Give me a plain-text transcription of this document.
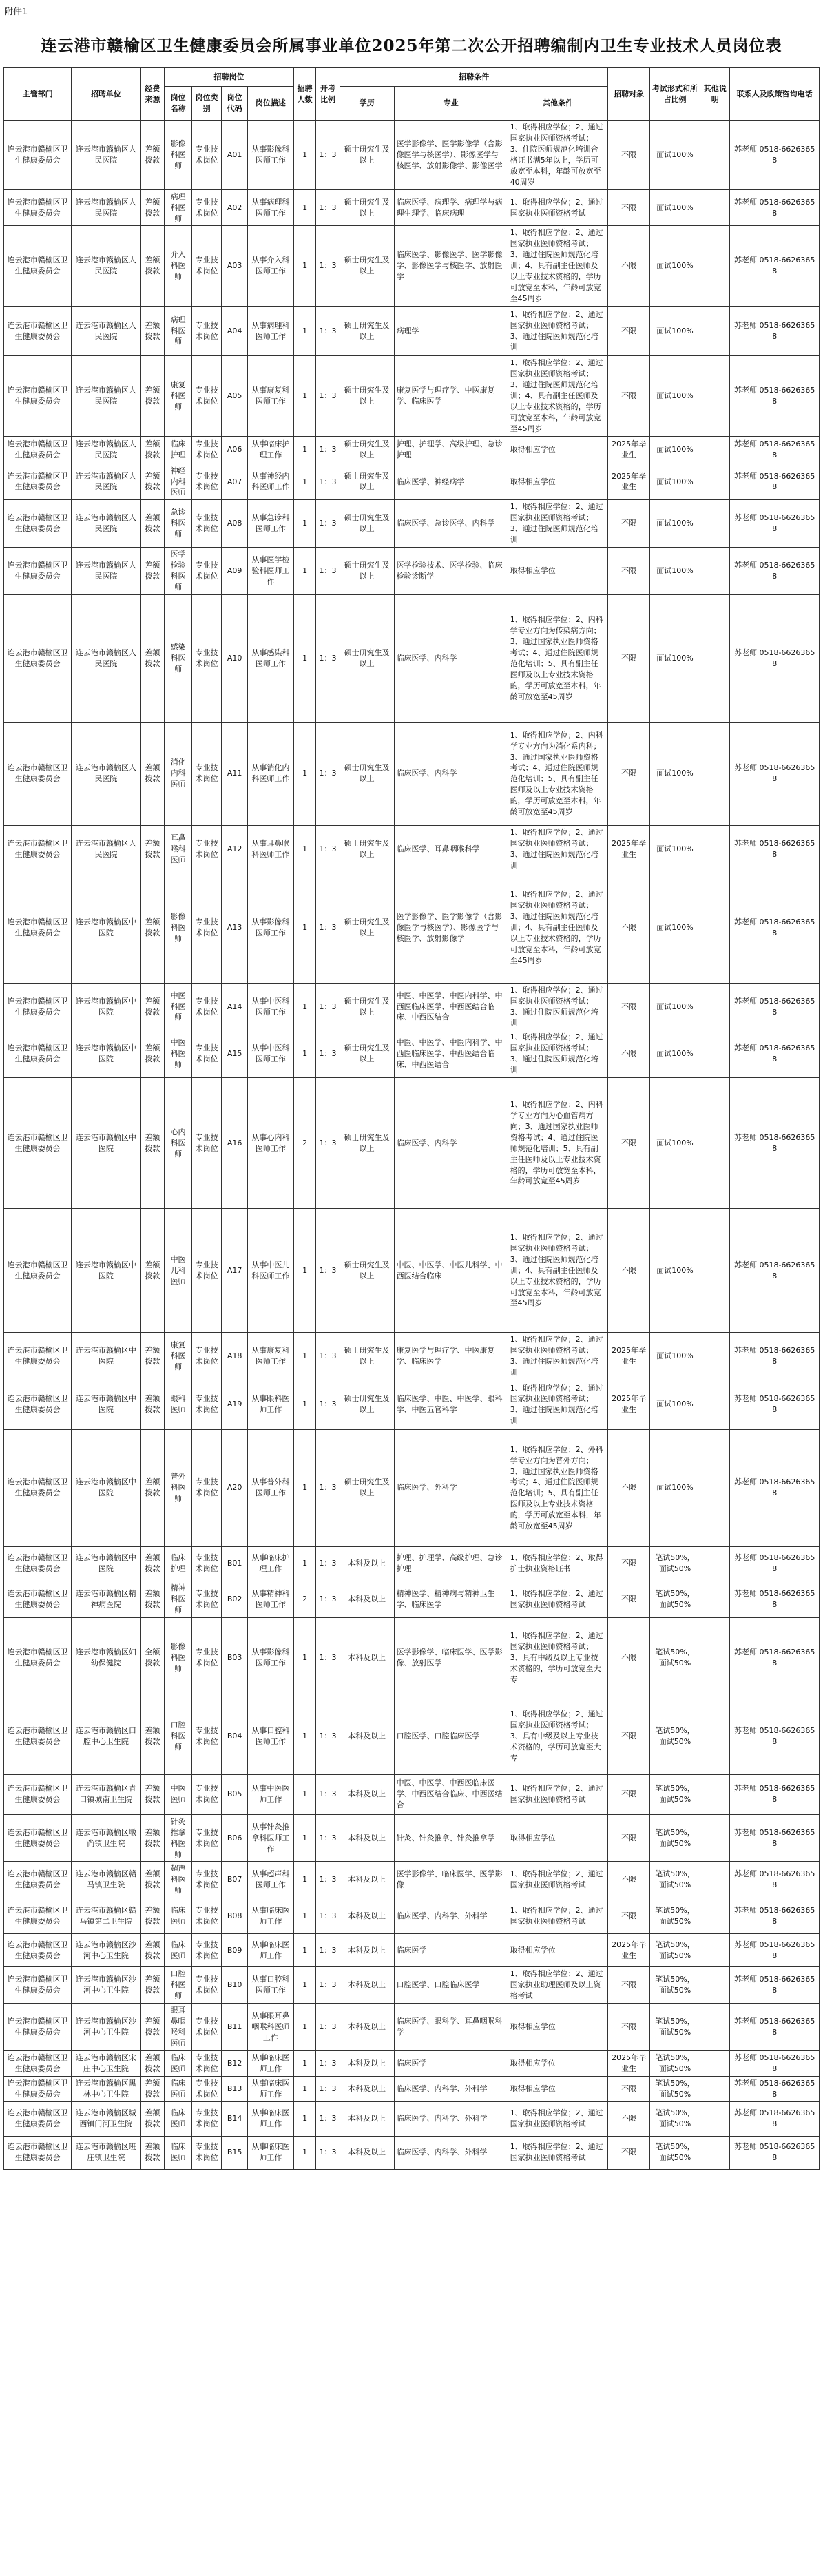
附件1
连云港市赣榆区卫生健康委员会所属事业单位2025年第二次公开招聘编制内卫生专业技术人员岗位表
主管部门	招聘单位	经费来源	招聘岗位				招聘人数	开考比例	招聘条件			招聘对象	考试形式和所占比例	其他说明	联系人及政策咨询电话
			岗位名称	岗位类别	岗位代码	岗位描述			学历	专业	其他条件				
连云港市赣榆区卫生健康委员会	连云港市赣榆区人民医院	差额拨款	影像科医师	专业技术岗位	A01	从事影像科医师工作	1	1：3	硕士研究生及以上	医学影像学、医学影像学（含影像医学与核医学）、影像医学与核医学、放射影像学、影像医学	1、取得相应学位；2、通过国家执业医师资格考试；3、住院医师规范化培训合格证书满5年以上，学历可放宽至本科，年龄可放宽至40周岁	不限	面试100%		苏老师 0518-66263658
连云港市赣榆区卫生健康委员会	连云港市赣榆区人民医院	差额拨款	病理科医师	专业技术岗位	A02	从事病理科医师工作	1	1：3	硕士研究生及以上	临床医学、病理学、病理学与病理生理学、临床病理	1、取得相应学位；2、通过国家执业医师资格考试	不限	面试100%		苏老师 0518-66263658
连云港市赣榆区卫生健康委员会	连云港市赣榆区人民医院	差额拨款	介入科医师	专业技术岗位	A03	从事介入科医师工作	1	1：3	硕士研究生及以上	临床医学、影像医学、医学影像学、影像医学与核医学、放射医学	1、取得相应学位；2、通过国家执业医师资格考试；3、通过住院医师规范化培训；4、具有副主任医师及以上专业技术资格的，学历可放宽至本科，年龄可放宽至45周岁	不限	面试100%		苏老师 0518-66263658
连云港市赣榆区卫生健康委员会	连云港市赣榆区人民医院	差额拨款	病理科医师	专业技术岗位	A04	从事病理科医师工作	1	1：3	硕士研究生及以上	病理学	1、取得相应学位；2、通过国家执业医师资格考试；3、通过住院医师规范化培训	不限	面试100%		苏老师 0518-66263658
连云港市赣榆区卫生健康委员会	连云港市赣榆区人民医院	差额拨款	康复科医师	专业技术岗位	A05	从事康复科医师工作	1	1：3	硕士研究生及以上	康复医学与理疗学、中医康复学、临床医学	1、取得相应学位；2、通过国家执业医师资格考试；3、通过住院医师规范化培训；4、具有副主任医师及以上专业技术资格的，学历可放宽至本科，年龄可放宽至45周岁	不限	面试100%		苏老师 0518-66263658
连云港市赣榆区卫生健康委员会	连云港市赣榆区人民医院	差额拨款	临床护理	专业技术岗位	A06	从事临床护理工作	1	1：3	硕士研究生及以上	护理、护理学、高级护理、急诊护理	取得相应学位	2025年毕业生	面试100%		苏老师 0518-66263658
连云港市赣榆区卫生健康委员会	连云港市赣榆区人民医院	差额拨款	神经内科医师	专业技术岗位	A07	从事神经内科医师工作	1	1：3	硕士研究生及以上	临床医学、神经病学	取得相应学位	2025年毕业生	面试100%		苏老师 0518-66263658
连云港市赣榆区卫生健康委员会	连云港市赣榆区人民医院	差额拨款	急诊科医师	专业技术岗位	A08	从事急诊科医师工作	1	1：3	硕士研究生及以上	临床医学、急诊医学、内科学	1、取得相应学位；2、通过国家执业医师资格考试；3、通过住院医师规范化培训	不限	面试100%		苏老师 0518-66263658
连云港市赣榆区卫生健康委员会	连云港市赣榆区人民医院	差额拨款	医学检验科医师	专业技术岗位	A09	从事医学检验科医师工作	1	1：3	硕士研究生及以上	医学检验技术、医学检验、临床检验诊断学	取得相应学位	不限	面试100%		苏老师 0518-66263658
连云港市赣榆区卫生健康委员会	连云港市赣榆区人民医院	差额拨款	感染科医师	专业技术岗位	A10	从事感染科医师工作	1	1：3	硕士研究生及以上	临床医学、内科学	1、取得相应学位；2、内科学专业方向为传染病方向；3、通过国家执业医师资格考试；4、通过住院医师规范化培训；5、具有副主任医师及以上专业技术资格的，学历可放宽至本科，年龄可放宽至45周岁	不限	面试100%		苏老师 0518-66263658
连云港市赣榆区卫生健康委员会	连云港市赣榆区人民医院	差额拨款	消化内科医师	专业技术岗位	A11	从事消化内科医师工作	1	1：3	硕士研究生及以上	临床医学、内科学	1、取得相应学位；2、内科学专业方向为消化系内科；3、通过国家执业医师资格考试；4、通过住院医师规范化培训；5、具有副主任医师及以上专业技术资格的，学历可放宽至本科，年龄可放宽至45周岁	不限	面试100%		苏老师 0518-66263658
连云港市赣榆区卫生健康委员会	连云港市赣榆区人民医院	差额拨款	耳鼻喉科医师	专业技术岗位	A12	从事耳鼻喉科医师工作	1	1：3	硕士研究生及以上	临床医学、耳鼻咽喉科学	1、取得相应学位；2、通过国家执业医师资格考试；3、通过住院医师规范化培训	2025年毕业生	面试100%		苏老师 0518-66263658
连云港市赣榆区卫生健康委员会	连云港市赣榆区中医院	差额拨款	影像科医师	专业技术岗位	A13	从事影像科医师工作	1	1：3	硕士研究生及以上	医学影像学、医学影像学（含影像医学与核医学）、影像医学与核医学、放射影像学	1、取得相应学位；2、通过国家执业医师资格考试；3、通过住院医师规范化培训；4、具有副主任医师及以上专业技术资格的，学历可放宽至本科，年龄可放宽至45周岁	不限	面试100%		苏老师 0518-66263658
连云港市赣榆区卫生健康委员会	连云港市赣榆区中医院	差额拨款	中医科医师	专业技术岗位	A14	从事中医科医师工作	1	1：3	硕士研究生及以上	中医、中医学、中医内科学、中西医临床医学、中西医结合临床、中西医结合	1、取得相应学位；2、通过国家执业医师资格考试；3、通过住院医师规范化培训	不限	面试100%		苏老师 0518-66263658
连云港市赣榆区卫生健康委员会	连云港市赣榆区中医院	差额拨款	中医科医师	专业技术岗位	A15	从事中医科医师工作	1	1：3	硕士研究生及以上	中医、中医学、中医内科学、中西医临床医学、中西医结合临床、中西医结合	1、取得相应学位；2、通过国家执业医师资格考试；3、通过住院医师规范化培训	不限	面试100%		苏老师 0518-66263658
连云港市赣榆区卫生健康委员会	连云港市赣榆区中医院	差额拨款	心内科医师	专业技术岗位	A16	从事心内科医师工作	2	1：3	硕士研究生及以上	临床医学、内科学	1、取得相应学位；2、内科学专业方向为心血管病方向；3、通过国家执业医师资格考试；4、通过住院医师规范化培训；5、具有副主任医师及以上专业技术资格的，学历可放宽至本科，年龄可放宽至45周岁	不限	面试100%		苏老师 0518-66263658
连云港市赣榆区卫生健康委员会	连云港市赣榆区中医院	差额拨款	中医儿科医师	专业技术岗位	A17	从事中医儿科医师工作	1	1：3	硕士研究生及以上	中医、中医学、中医儿科学、中西医结合临床	1、取得相应学位；2、通过国家执业医师资格考试；3、通过住院医师规范化培训；4、具有副主任医师及以上专业技术资格的，学历可放宽至本科，年龄可放宽至45周岁	不限	面试100%		苏老师 0518-66263658
连云港市赣榆区卫生健康委员会	连云港市赣榆区中医院	差额拨款	康复科医师	专业技术岗位	A18	从事康复科医师工作	1	1：3	硕士研究生及以上	康复医学与理疗学、中医康复学、临床医学	1、取得相应学位；2、通过国家执业医师资格考试；3、通过住院医师规范化培训	2025年毕业生	面试100%		苏老师 0518-66263658
连云港市赣榆区卫生健康委员会	连云港市赣榆区中医院	差额拨款	眼科医师	专业技术岗位	A19	从事眼科医师工作	1	1：3	硕士研究生及以上	临床医学、中医、中医学、眼科学、中医五官科学	1、取得相应学位；2、通过国家执业医师资格考试；3、通过住院医师规范化培训	2025年毕业生	面试100%		苏老师 0518-66263658
连云港市赣榆区卫生健康委员会	连云港市赣榆区中医院	差额拨款	普外科医师	专业技术岗位	A20	从事普外科医师工作	1	1：3	硕士研究生及以上	临床医学、外科学	1、取得相应学位；2、外科学专业方向为普外方向；3、通过国家执业医师资格考试；4、通过住院医师规范化培训；5、具有副主任医师及以上专业技术资格的，学历可放宽至本科，年龄可放宽至45周岁	不限	面试100%		苏老师 0518-66263658
连云港市赣榆区卫生健康委员会	连云港市赣榆区中医院	差额拨款	临床护理	专业技术岗位	B01	从事临床护理工作	1	1：3	本科及以上	护理、护理学、高级护理、急诊护理	1、取得相应学位；2、取得护士执业资格证书	不限	笔试50%，面试50%		苏老师 0518-66263658
连云港市赣榆区卫生健康委员会	连云港市赣榆区精神病医院	差额拨款	精神科医师	专业技术岗位	B02	从事精神科医师工作	2	1：3	本科及以上	精神医学、精神病与精神卫生学、临床医学	1、取得相应学位；2、通过国家执业医师资格考试	不限	笔试50%，面试50%		苏老师 0518-66263658
连云港市赣榆区卫生健康委员会	连云港市赣榆区妇幼保健院	全额拨款	影像科医师	专业技术岗位	B03	从事影像科医师工作	1	1：3	本科及以上	医学影像学、临床医学、医学影像、放射医学	1、取得相应学位；2、通过国家执业医师资格考试；3、具有中级及以上专业技术资格的，学历可放宽至大专	不限	笔试50%，面试50%		苏老师 0518-66263658
连云港市赣榆区卫生健康委员会	连云港市赣榆区口腔中心卫生院	差额拨款	口腔科医师	专业技术岗位	B04	从事口腔科医师工作	1	1：3	本科及以上	口腔医学、口腔临床医学	1、取得相应学位；2、通过国家执业医师资格考试；3、具有中级及以上专业技术资格的，学历可放宽至大专	不限	笔试50%，面试50%		苏老师 0518-66263658
连云港市赣榆区卫生健康委员会	连云港市赣榆区青口镇城南卫生院	差额拨款	中医医师	专业技术岗位	B05	从事中医医师工作	1	1：3	本科及以上	中医、中医学、中西医临床医学、中西医结合临床、中西医结合	1、取得相应学位；2、通过国家执业医师资格考试	不限	笔试50%，面试50%		苏老师 0518-66263658
连云港市赣榆区卫生健康委员会	连云港市赣榆区墩尚镇卫生院	差额拨款	针灸推拿科医师	专业技术岗位	B06	从事针灸推拿科医师工作	1	1：3	本科及以上	针灸、针灸推拿、针灸推拿学	取得相应学位	不限	笔试50%，面试50%		苏老师 0518-66263658
连云港市赣榆区卫生健康委员会	连云港市赣榆区赣马镇卫生院	差额拨款	超声科医师	专业技术岗位	B07	从事超声科医师工作	1	1：3	本科及以上	医学影像学、临床医学、医学影像	1、取得相应学位；2、通过国家执业医师资格考试	不限	笔试50%，面试50%		苏老师 0518-66263658
连云港市赣榆区卫生健康委员会	连云港市赣榆区赣马镇第二卫生院	差额拨款	临床医师	专业技术岗位	B08	从事临床医师工作	1	1：3	本科及以上	临床医学、内科学、外科学	1、取得相应学位；2、通过国家执业医师资格考试	不限	笔试50%，面试50%		苏老师 0518-66263658
连云港市赣榆区卫生健康委员会	连云港市赣榆区沙河中心卫生院	差额拨款	临床医师	专业技术岗位	B09	从事临床医师工作	1	1：3	本科及以上	临床医学	取得相应学位	2025年毕业生	笔试50%，面试50%		苏老师 0518-66263658
连云港市赣榆区卫生健康委员会	连云港市赣榆区沙河中心卫生院	差额拨款	口腔科医师	专业技术岗位	B10	从事口腔科医师工作	1	1：3	本科及以上	口腔医学、口腔临床医学	1、取得相应学位；2、通过国家执业助理医师及以上资格考试	不限	笔试50%，面试50%		苏老师 0518-66263658
连云港市赣榆区卫生健康委员会	连云港市赣榆区沙河中心卫生院	差额拨款	眼耳鼻咽喉科医师	专业技术岗位	B11	从事眼耳鼻咽喉科医师工作	1	1：3	本科及以上	临床医学、眼科学、耳鼻咽喉科学	取得相应学位	不限	笔试50%，面试50%		苏老师 0518-66263658
连云港市赣榆区卫生健康委员会	连云港市赣榆区宋庄中心卫生院	差额拨款	临床医师	专业技术岗位	B12	从事临床医师工作	1	1：3	本科及以上	临床医学	取得相应学位	2025年毕业生	笔试50%，面试50%		苏老师 0518-66263658
连云港市赣榆区卫生健康委员会	连云港市赣榆区黑林中心卫生院	差额拨款	临床医师	专业技术岗位	B13	从事临床医师工作	1	1：3	本科及以上	临床医学、内科学、外科学	取得相应学位	不限	笔试50%，面试50%		苏老师 0518-66263658
连云港市赣榆区卫生健康委员会	连云港市赣榆区城西镇门河卫生院	差额拨款	临床医师	专业技术岗位	B14	从事临床医师工作	1	1：3	本科及以上	临床医学、内科学、外科学	1、取得相应学位；2、通过国家执业医师资格考试	不限	笔试50%，面试50%		苏老师 0518-66263658
连云港市赣榆区卫生健康委员会	连云港市赣榆区班庄镇卫生院	差额拨款	临床医师	专业技术岗位	B15	从事临床医师工作	1	1：3	本科及以上	临床医学、内科学、外科学	1、取得相应学位；2、通过国家执业医师资格考试	不限	笔试50%，面试50%		苏老师 0518-66263658
